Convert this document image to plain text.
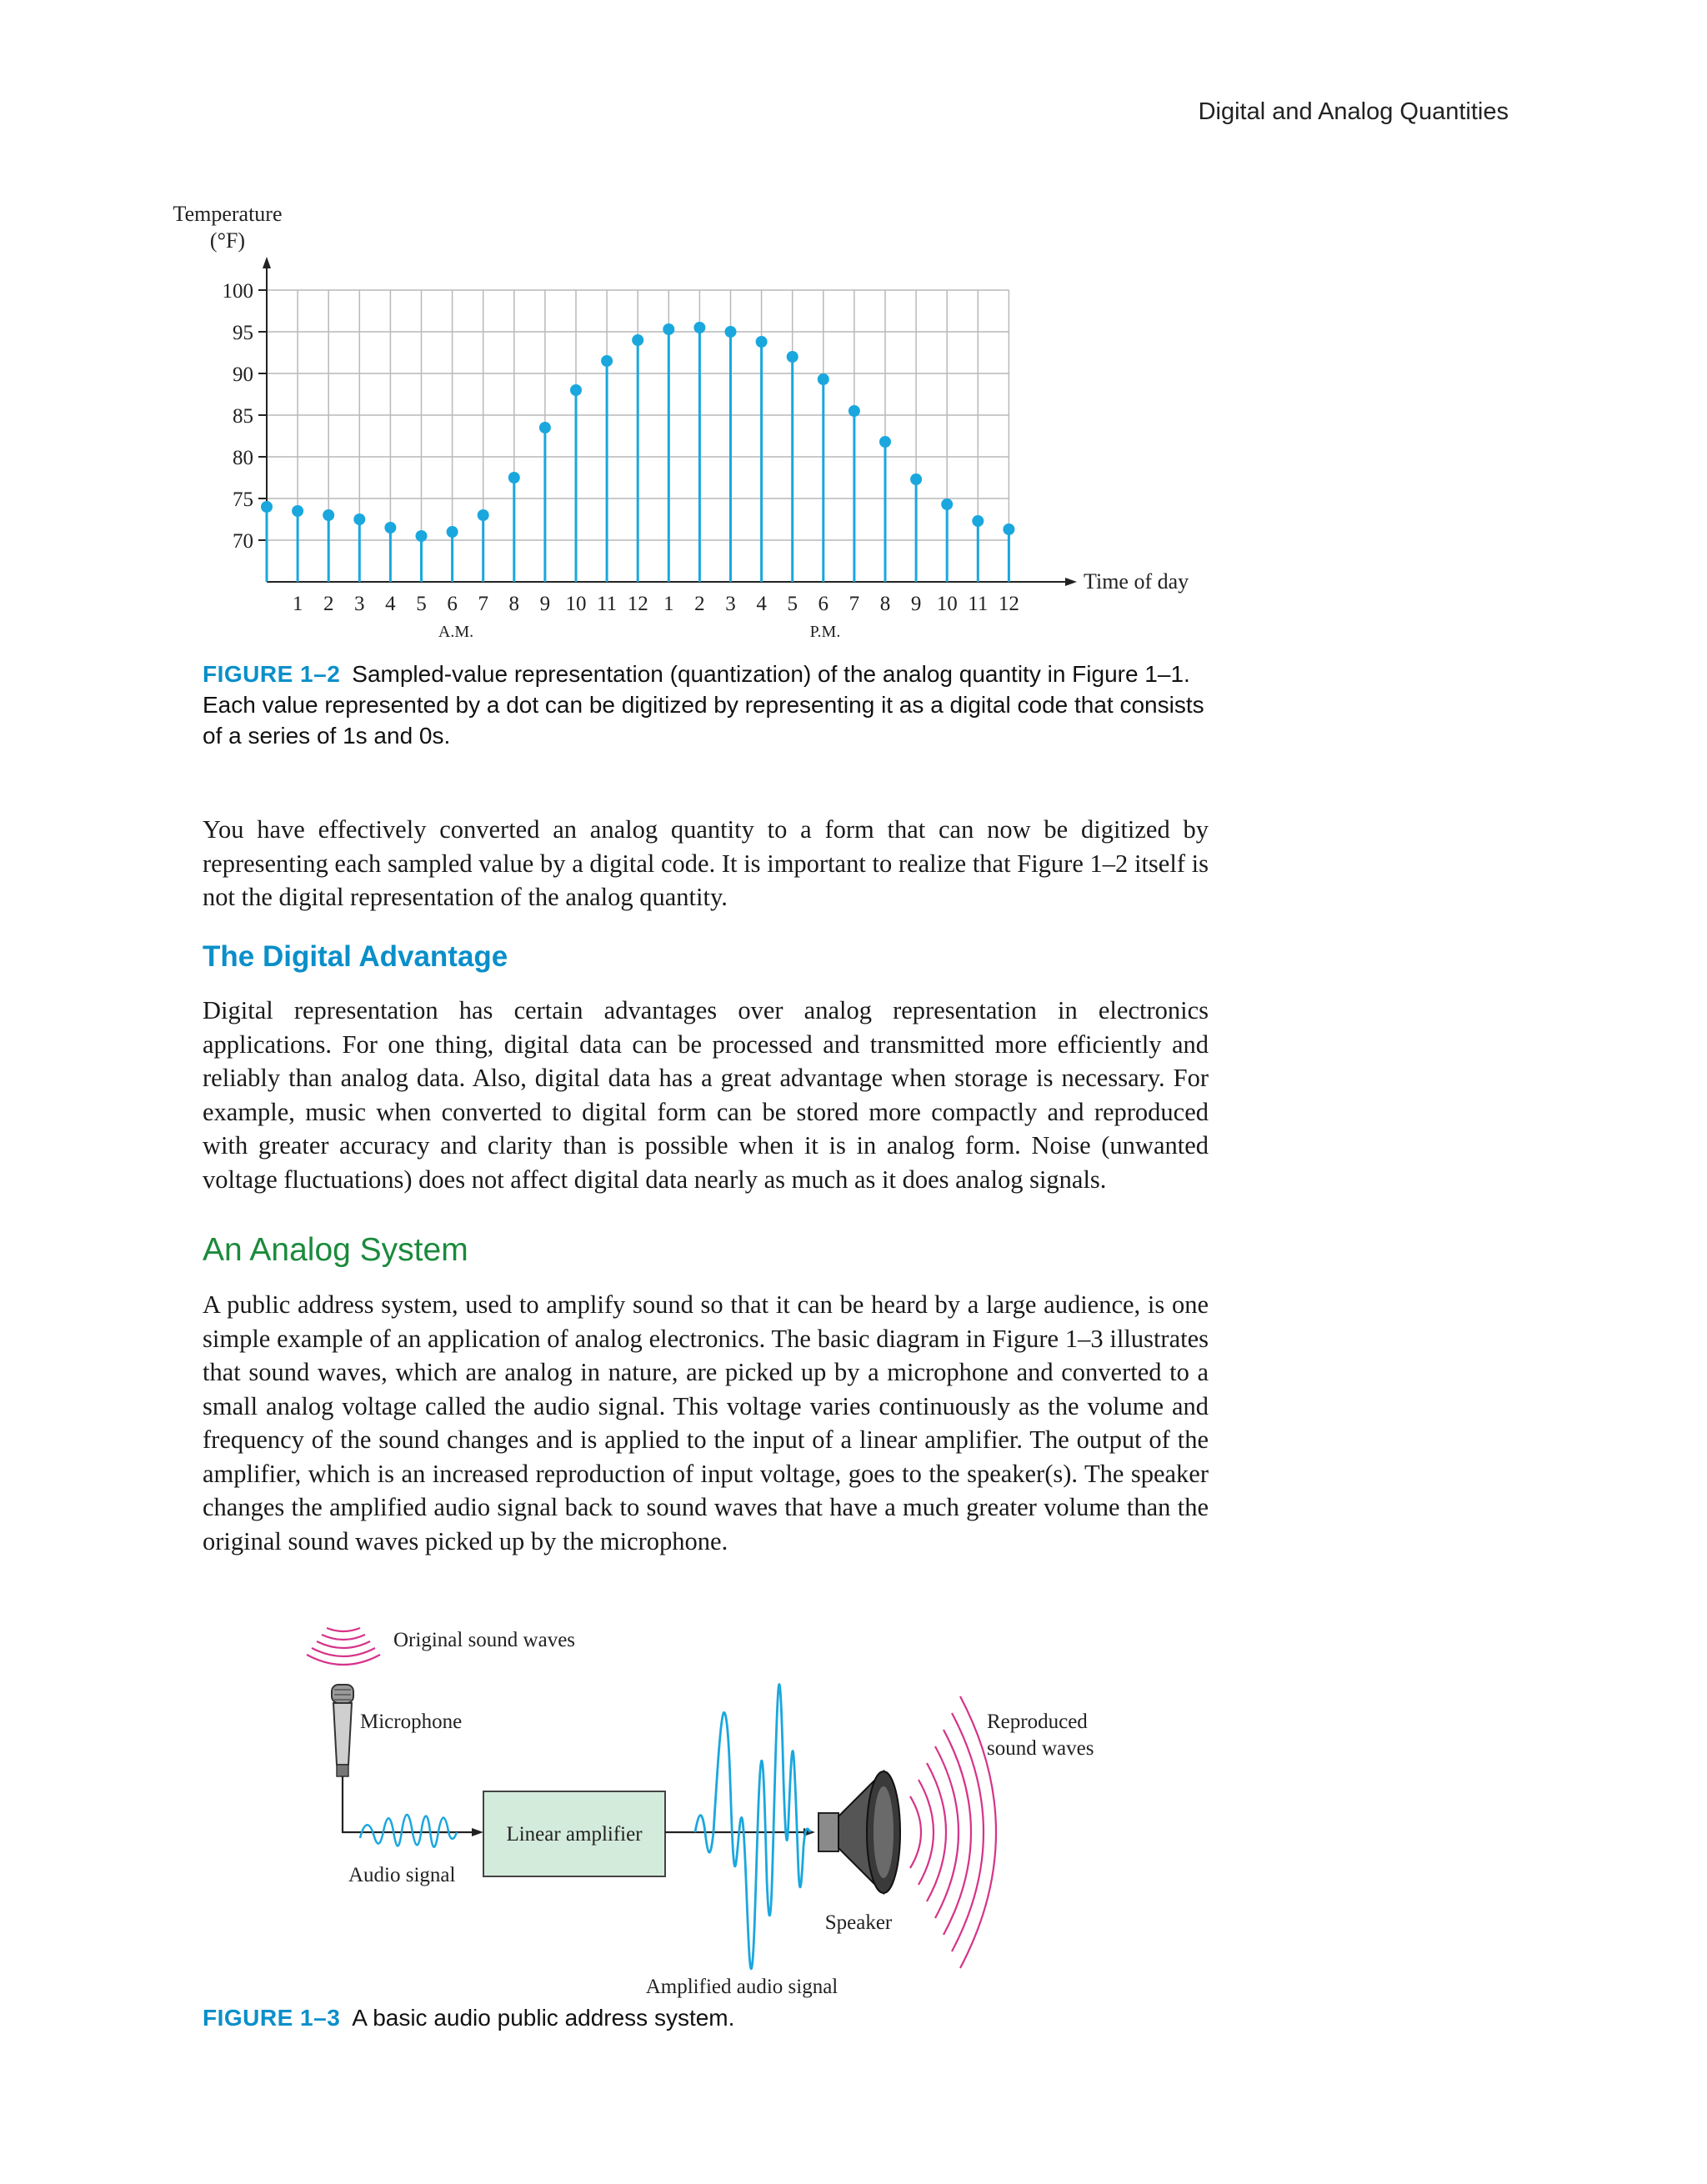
Digital and Analog Quantities
70
75
80
85
90
95
100
1 2 3 4 5 6 7 8 9 10 11 12 1 2 3 4 5 6 7 8 9 10 11 12
Temperature
(°F)
Time of day
A.M.	P.M.
FIGURE 1–2 Sampled-value representation (quantization) of the analog quantity in Figure 1–1. Each value represented by a dot can be digitized by representing it as a digital code that consists of a series of 1s and 0s.
You have effectively converted an analog quantity to a form that can now be digitized by representing each sampled value by a digital code. It is important to realize that Figure 1–2 itself is not the digital representation of the analog quantity.
The Digital Advantage
Digital representation has certain advantages over analog representation in electronics applications. For one thing, digital data can be processed and transmitted more efficiently and reliably than analog data. Also, digital data has a great advantage when storage is necessary. For example, music when converted to digital form can be stored more compactly and reproduced with greater accuracy and clarity than is possible when it is in analog form. Noise (unwanted voltage fluctuations) does not affect digital data nearly as much as it does analog signals.
An Analog System
A public address system, used to amplify sound so that it can be heard by a large audience, is one simple example of an application of analog electronics. The basic diagram in Figure 1–3 illustrates that sound waves, which are analog in nature, are picked up by a microphone and converted to a small analog voltage called the audio signal. This voltage varies continuously as the volume and frequency of the sound changes and is applied to the input of a linear amplifier. The output of the amplifier, which is an increased reproduction of input voltage, goes to the speaker(s). The speaker changes the amplified audio signal back to sound waves that have a much greater volume than the original sound waves picked up by the microphone.
Original sound waves
Microphone
Audio signal
Linear amplifier
Amplified audio signal
Speaker
Reproduced
sound waves
FIGURE 1–3 A basic audio public address system.
